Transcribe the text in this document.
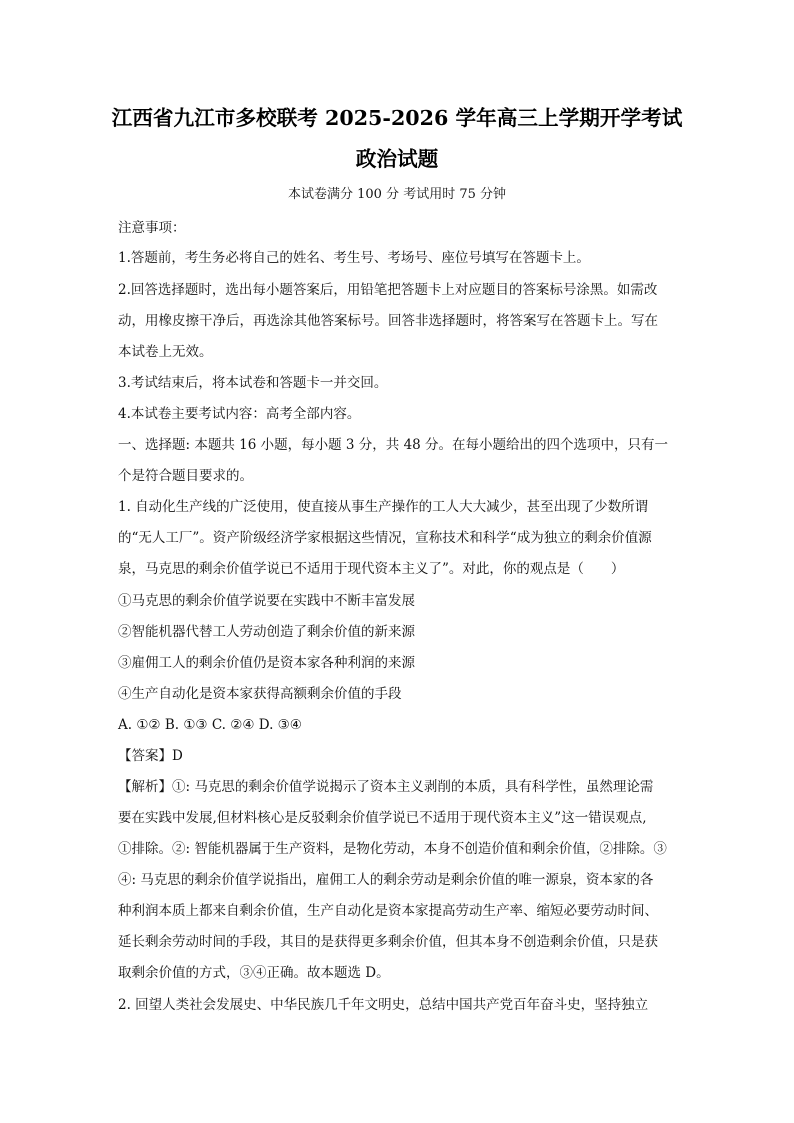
江西省九江市多校联考 2025-2026 学年高三上学期开学考试
政治试题
本试卷满分 100 分 考试用时 75 分钟
注意事项：
1.答题前，考生务必将自己的姓名、考生号、考场号、座位号填写在答题卡上。
2.回答选择题时，选出每小题答案后，用铅笔把答题卡上对应题目的答案标号涂黑。如需改
动，用橡皮擦干净后，再选涂其他答案标号。回答非选择题时，将答案写在答题卡上。写在
本试卷上无效。
3.考试结束后，将本试卷和答题卡一并交回。
4.本试卷主要考试内容：高考全部内容。
一、选择题: 本题共 16 小题，每小题 3 分，共 48 分。在每小题给出的四个选项中，只有一
个是符合题目要求的。
1. 自动化生产线的广泛使用，使直接从事生产操作的工人大大减少，甚至出现了少数所谓
的“无人工厂”。资产阶级经济学家根据这些情况，宣称技术和科学“成为独立的剩余价值源
泉，马克思的剩余价值学说已不适用于现代资本主义了”。对此，你的观点是（　　）
①马克思的剩余价值学说要在实践中不断丰富发展
②智能机器代替工人劳动创造了剩余价值的新来源
③雇佣工人的剩余价值仍是资本家各种利润的来源
④生产自动化是资本家获得高额剩余价值的手段
A. ①② B. ①③ C. ②④ D. ③④
【答案】D
【解析】①: 马克思的剩余价值学说揭示了资本主义剥削的本质，具有科学性，虽然理论需
要在实践中发展,但材料核心是反驳剩余价值学说已不适用于现代资本主义”这一错误观点,
①排除。②: 智能机器属于生产资料，是物化劳动，本身不创造价值和剩余价值，②排除。③
④: 马克思的剩余价值学说指出，雇佣工人的剩余劳动是剩余价值的唯一源泉，资本家的各
种利润本质上都来自剩余价值，生产自动化是资本家提高劳动生产率、缩短必要劳动时间、
延长剩余劳动时间的手段，其目的是获得更多剩余价值，但其本身不创造剩余价值，只是获
取剩余价值的方式，③④正确。故本题选 D。
2. 回望人类社会发展史、中华民族几千年文明史，总结中国共产党百年奋斗史，坚持独立
